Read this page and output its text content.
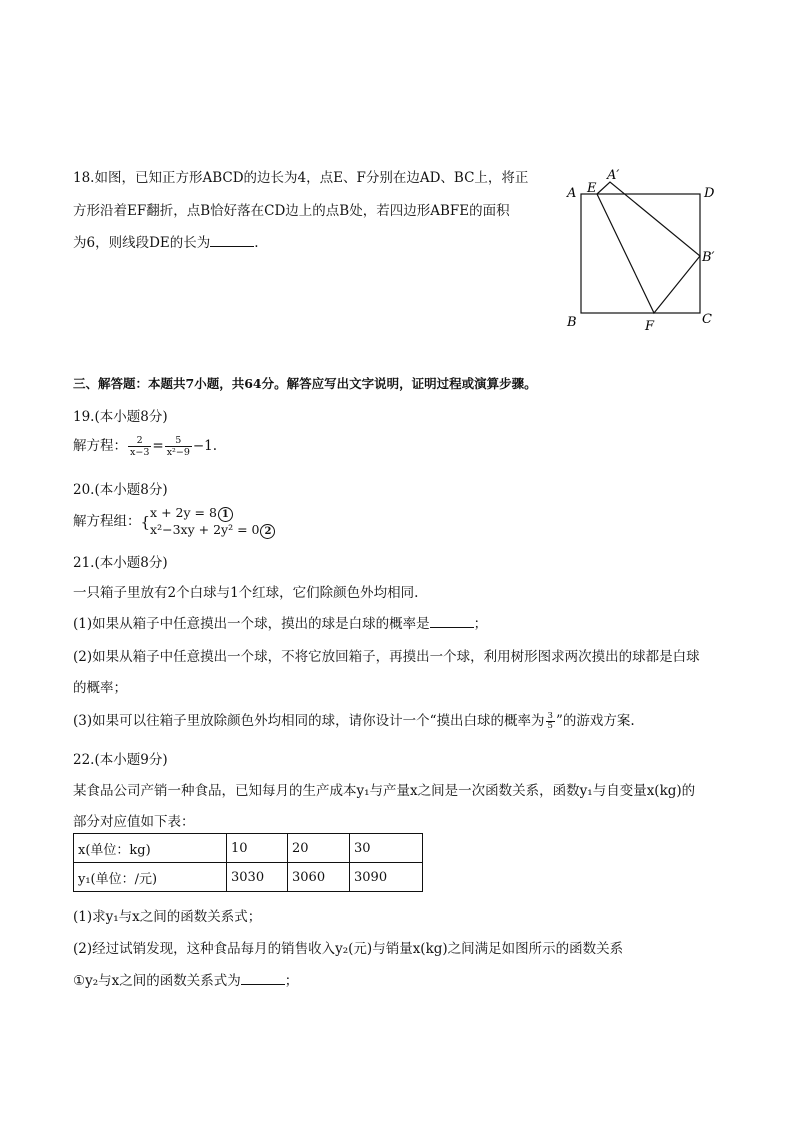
18.如图，已知正方形ABCD的边长为4，点E、F分别在边AD、BC上，将正
方形沿着EF翻折，点B恰好落在CD边上的点B处，若四边形ABFE的面积
为6，则线段DE的长为	.
A E
A′
D
B′
B	F	C
三、解答题：本题共7小题，共64分。解答应写出文字说明，证明过程或演算步骤。
19.(本小题8分)
解方程： $\frac{2}{x-3} = \frac{5}{\text{x²−9}} -1$.
20.(本小题8分)
解方程组：{
x + 2y = 8 1
x²−3xy + 2y² = 0 2
21.(本小题8分)
一只箱子里放有2个白球与1个红球，它们除颜色外均相同.
(1)如果从箱子中任意摸出一个球，摸出的球是白球的概率是	；
(2)如果从箱子中任意摸出一个球，不将它放回箱子，再摸出一个球，利用树形图求两次摸出的球都是白球
的概率；
(3)如果可以往箱子里放除颜色外均相同的球，请你设计一个“摸出白球的概率为 $\frac{3}{5}$ ”的游戏方案.
22.(本小题9分)
某食品公司产销一种食品，已知每月的生产成本y₁与产量x之间是一次函数关系，函数y₁与自变量x(kg)的
部分对应值如下表：
x(单位：kg)	10	20	30
y₁(单位：/元)	3030	3060	3090
(1)求y₁与x之间的函数关系式；
(2)经过试销发现，这种食品每月的销售收入y₂(元)与销量x(kg)之间满足如图所示的函数关系
①y₂与x之间的函数关系式为	；
